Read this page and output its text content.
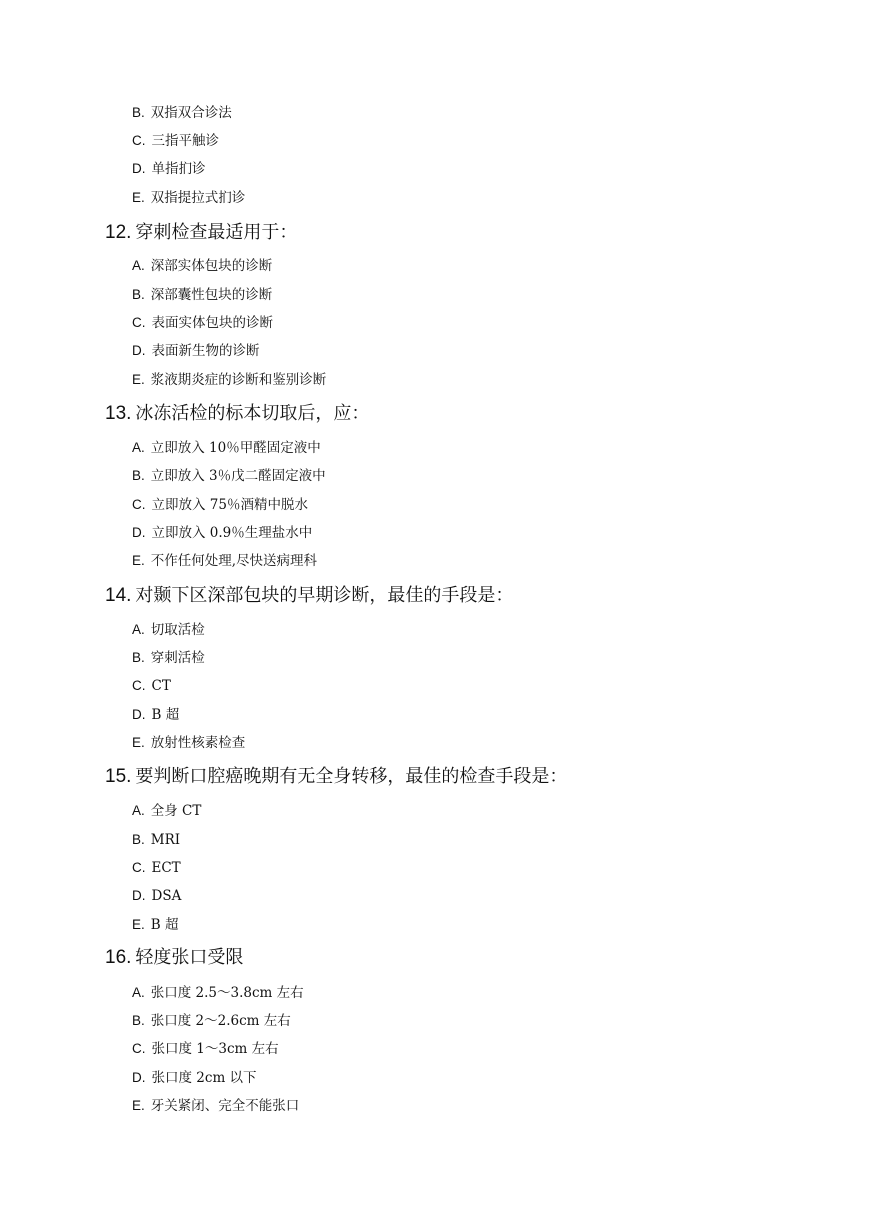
B. 双指双合诊法
C. 三指平触诊
D. 单指扪诊
E. 双指提拉式扪诊
12. 穿刺检查最适用于：
A. 深部实体包块的诊断
B. 深部囊性包块的诊断
C. 表面实体包块的诊断
D. 表面新生物的诊断
E. 浆液期炎症的诊断和鉴别诊断
13. 冰冻活检的标本切取后，应：
A. 立即放入 10％甲醛固定液中
B. 立即放入 3％戊二醛固定液中
C. 立即放入 75％酒精中脱水
D. 立即放入 0.9％生理盐水中
E. 不作任何处理,尽快送病理科
14. 对颞下区深部包块的早期诊断，最佳的手段是：
A. 切取活检
B. 穿刺活检
C. CT
D. B 超
E. 放射性核素检查
15. 要判断口腔癌晚期有无全身转移，最佳的检查手段是：
A. 全身 CT
B. MRI
C. ECT
D. DSA
E. B 超
16. 轻度张口受限
A. 张口度 2.5～3.8cm 左右
B. 张口度 2～2.6cm 左右
C. 张口度 1～3cm 左右
D. 张口度 2cm 以下
E. 牙关紧闭、完全不能张口
